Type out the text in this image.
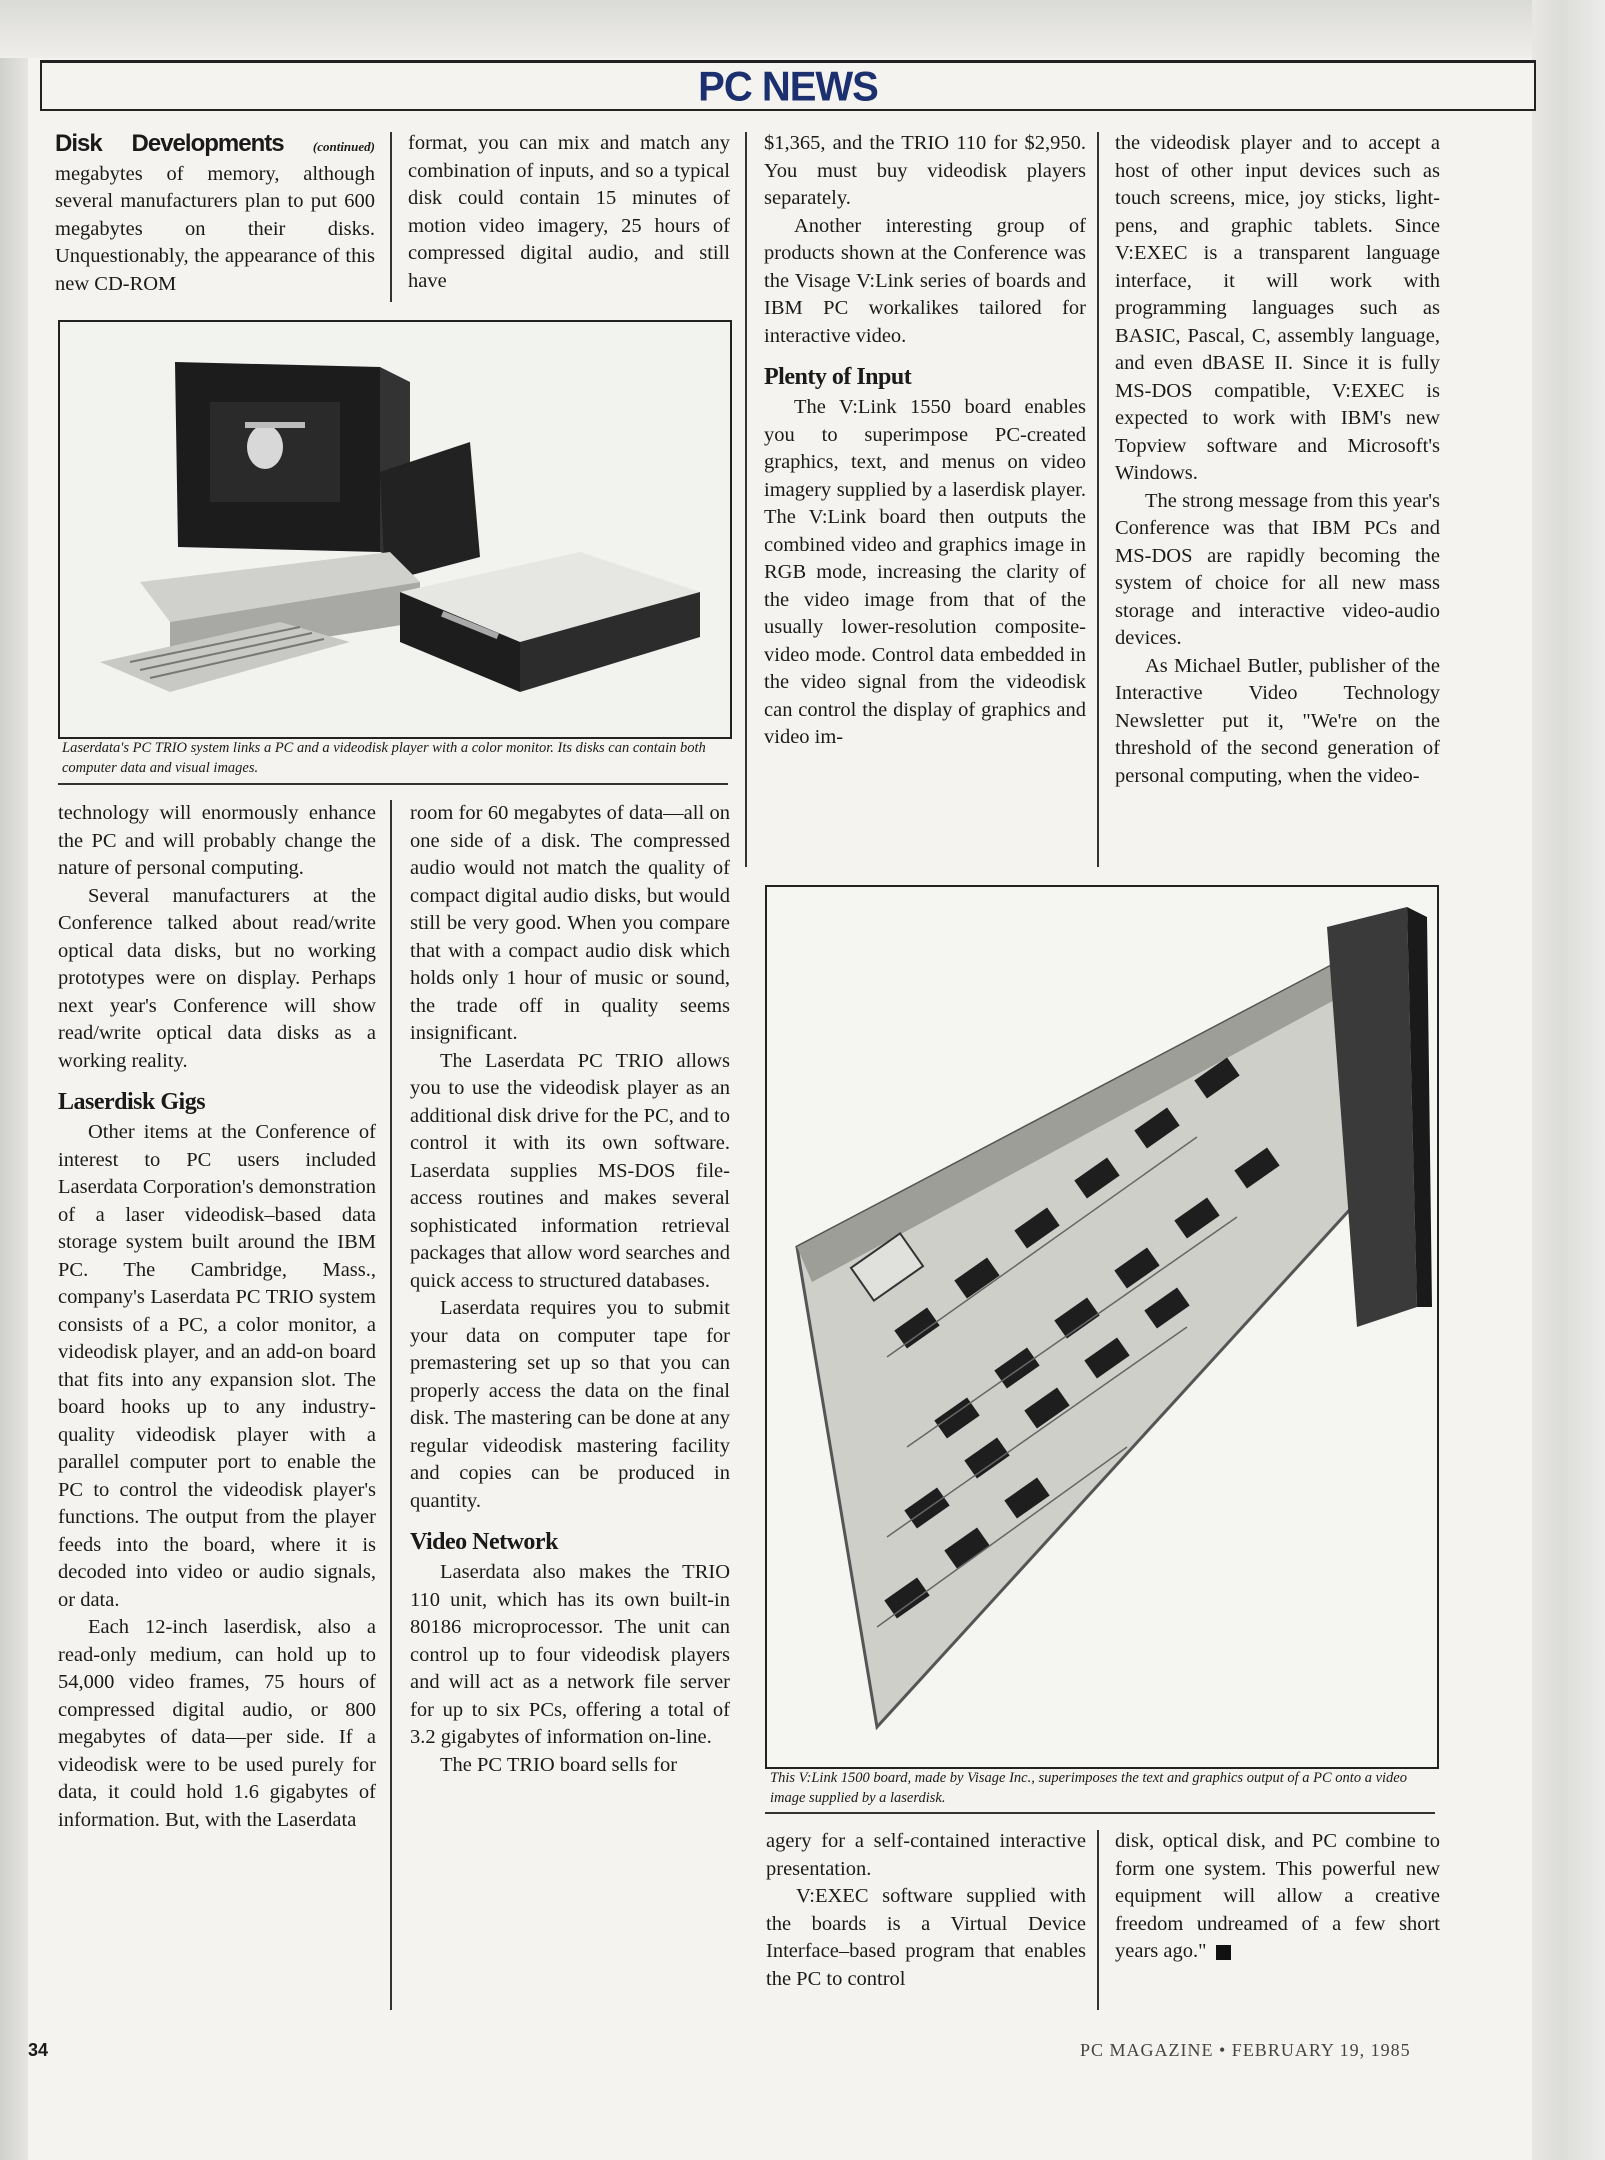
PC NEWS

Disk Developments (continued) megabytes of memory, although several manufacturers plan to put 600 megabytes on their disks. Unquestionably, the appearance of this new CD-ROM

format, you can mix and match any combination of inputs, and so a typical disk could contain 15 minutes of motion video imagery, 25 hours of compressed digital audio, and still have

Laserdata's PC TRIO system links a PC and a videodisk player with a color monitor. Its disks can contain both computer data and visual images.

technology will enormously enhance the PC and will probably change the nature of personal computing.

Several manufacturers at the Conference talked about read/write optical data disks, but no working prototypes were on display. Perhaps next year's Conference will show read/write optical data disks as a working reality.

Laserdisk Gigs

Other items at the Conference of interest to PC users included Laserdata Corporation's demonstration of a laser videodisk–based data storage system built around the IBM PC. The Cambridge, Mass., company's Laserdata PC TRIO system consists of a PC, a color monitor, a videodisk player, and an add-on board that fits into any expansion slot. The board hooks up to any industry-quality videodisk player with a parallel computer port to enable the PC to control the videodisk player's functions. The output from the player feeds into the board, where it is decoded into video or audio signals, or data.

Each 12-inch laserdisk, also a read-only medium, can hold up to 54,000 video frames, 75 hours of compressed digital audio, or 800 megabytes of data—per side. If a videodisk were to be used purely for data, it could hold 1.6 gigabytes of information. But, with the Laserdata

room for 60 megabytes of data—all on one side of a disk. The compressed audio would not match the quality of compact digital audio disks, but would still be very good. When you compare that with a compact audio disk which holds only 1 hour of music or sound, the trade off in quality seems insignificant.

The Laserdata PC TRIO allows you to use the videodisk player as an additional disk drive for the PC, and to control it with its own software. Laserdata supplies MS-DOS file-access routines and makes several sophisticated information retrieval packages that allow word searches and quick access to structured databases.

Laserdata requires you to submit your data on computer tape for premastering set up so that you can properly access the data on the final disk. The mastering can be done at any regular videodisk mastering facility and copies can be produced in quantity.

Video Network

Laserdata also makes the TRIO 110 unit, which has its own built-in 80186 microprocessor. The unit can control up to four videodisk players and will act as a network file server for up to six PCs, offering a total of 3.2 gigabytes of information on-line.

The PC TRIO board sells for

$1,365, and the TRIO 110 for $2,950. You must buy videodisk players separately.

Another interesting group of products shown at the Conference was the Visage V:Link series of boards and IBM PC workalikes tailored for interactive video.

Plenty of Input

The V:Link 1550 board enables you to superimpose PC-created graphics, text, and menus on video imagery supplied by a laserdisk player. The V:Link board then outputs the combined video and graphics image in RGB mode, increasing the clarity of the video image from that of the usually lower-resolution composite-video mode. Control data embedded in the video signal from the videodisk can control the display of graphics and video im-

the videodisk player and to accept a host of other input devices such as touch screens, mice, joy sticks, light-pens, and graphic tablets. Since V:EXEC is a transparent language interface, it will work with programming languages such as BASIC, Pascal, C, assembly language, and even dBASE II. Since it is fully MS-DOS compatible, V:EXEC is expected to work with IBM's new Topview software and Microsoft's Windows.

The strong message from this year's Conference was that IBM PCs and MS-DOS are rapidly becoming the system of choice for all new mass storage and interactive video-audio devices.

As Michael Butler, publisher of the Interactive Video Technology Newsletter put it, "We're on the threshold of the second generation of personal computing, when the video-

This V:Link 1500 board, made by Visage Inc., superimposes the text and graphics output of a PC onto a video image supplied by a laserdisk.

agery for a self-contained interactive presentation.

V:EXEC software supplied with the boards is a Virtual Device Interface–based program that enables the PC to control

disk, optical disk, and PC combine to form one system. This powerful new equipment will allow a creative freedom undreamed of a few short years ago."

34	PC MAGAZINE • FEBRUARY 19, 1985
